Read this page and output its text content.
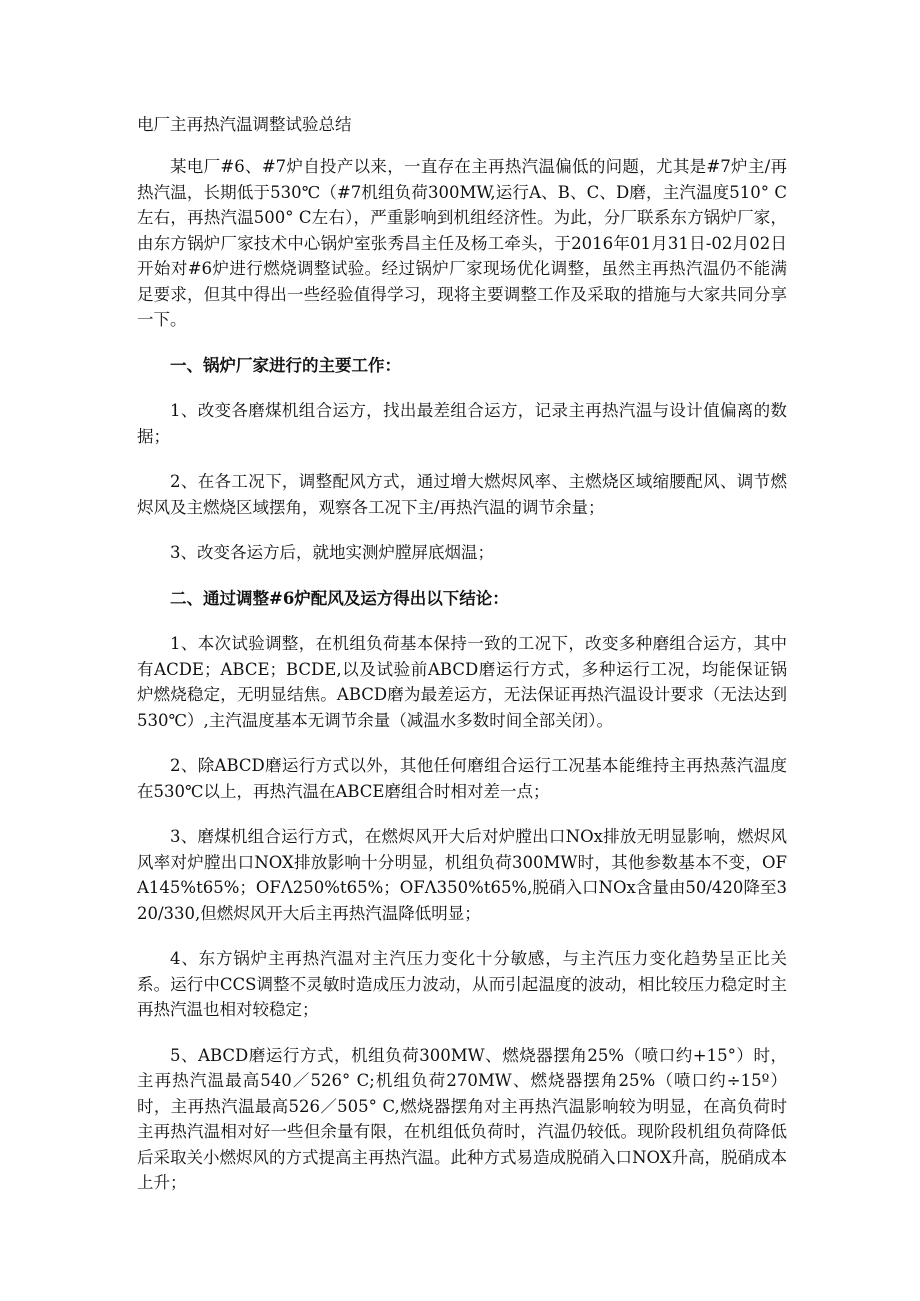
电厂主再热汽温调整试验总结

某电厂#6、#7炉自投产以来，一直存在主再热汽温偏低的问题，尤其是#7炉主/再热汽温，长期低于530℃（#7机组负荷300MW,运行A、B、C、D磨，主汽温度510° C左右，再热汽温500° C左右），严重影响到机组经济性。为此，分厂联系东方锅炉厂家，由东方锅炉厂家技术中心锅炉室张秀昌主任及杨工牵头，于2016年01月31日-02月02日开始对#6炉进行燃烧调整试验。经过锅炉厂家现场优化调整，虽然主再热汽温仍不能满足要求，但其中得出一些经验值得学习，现将主要调整工作及采取的措施与大家共同分享一下。

一、锅炉厂家进行的主要工作：

1、改变各磨煤机组合运方，找出最差组合运方，记录主再热汽温与设计值偏离的数据；

2、在各工况下，调整配风方式，通过增大燃烬风率、主燃烧区域缩腰配风、调节燃烬风及主燃烧区域摆角，观察各工况下主/再热汽温的调节余量；

3、改变各运方后，就地实测炉膛屏底烟温；

二、通过调整#6炉配风及运方得出以下结论：

1、本次试验调整，在机组负荷基本保持一致的工况下，改变多种磨组合运方，其中有ACDE；ABCE；BCDE,以及试验前ABCD磨运行方式，多种运行工况，均能保证锅炉燃烧稳定，无明显结焦。ABCD磨为最差运方，无法保证再热汽温设计要求（无法达到530℃）,主汽温度基本无调节余量（减温水多数时间全部关闭）。

2、除ABCD磨运行方式以外，其他任何磨组合运行工况基本能维持主再热蒸汽温度在530℃以上，再热汽温在ABCE磨组合时相对差一点；

3、磨煤机组合运行方式，在燃烬风开大后对炉膛出口NOx排放无明显影响，燃烬风风率对炉膛出口NOX排放影响十分明显，机组负荷300MW时，其他参数基本不变，OFA145%t65%；OFΛ250%t65%；OFΛ350%t65%,脱硝入口NOx含量由50/420降至320/330,但燃烬风开大后主再热汽温降低明显；

4、东方锅炉主再热汽温对主汽压力变化十分敏感，与主汽压力变化趋势呈正比关系。运行中CCS调整不灵敏时造成压力波动，从而引起温度的波动，相比较压力稳定时主再热汽温也相对较稳定；

5、ABCD磨运行方式，机组负荷300MW、燃烧器摆角25%（喷口约+15°）时，主再热汽温最高540／526° C;机组负荷270MW、燃烧器摆角25%（喷口约÷15º）时，主再热汽温最高526／505° C,燃烧器摆角对主再热汽温影响较为明显，在高负荷时主再热汽温相对好一些但余量有限，在机组低负荷时，汽温仍较低。现阶段机组负荷降低后采取关小燃烬风的方式提高主再热汽温。此种方式易造成脱硝入口NOX升高，脱硝成本上升；
